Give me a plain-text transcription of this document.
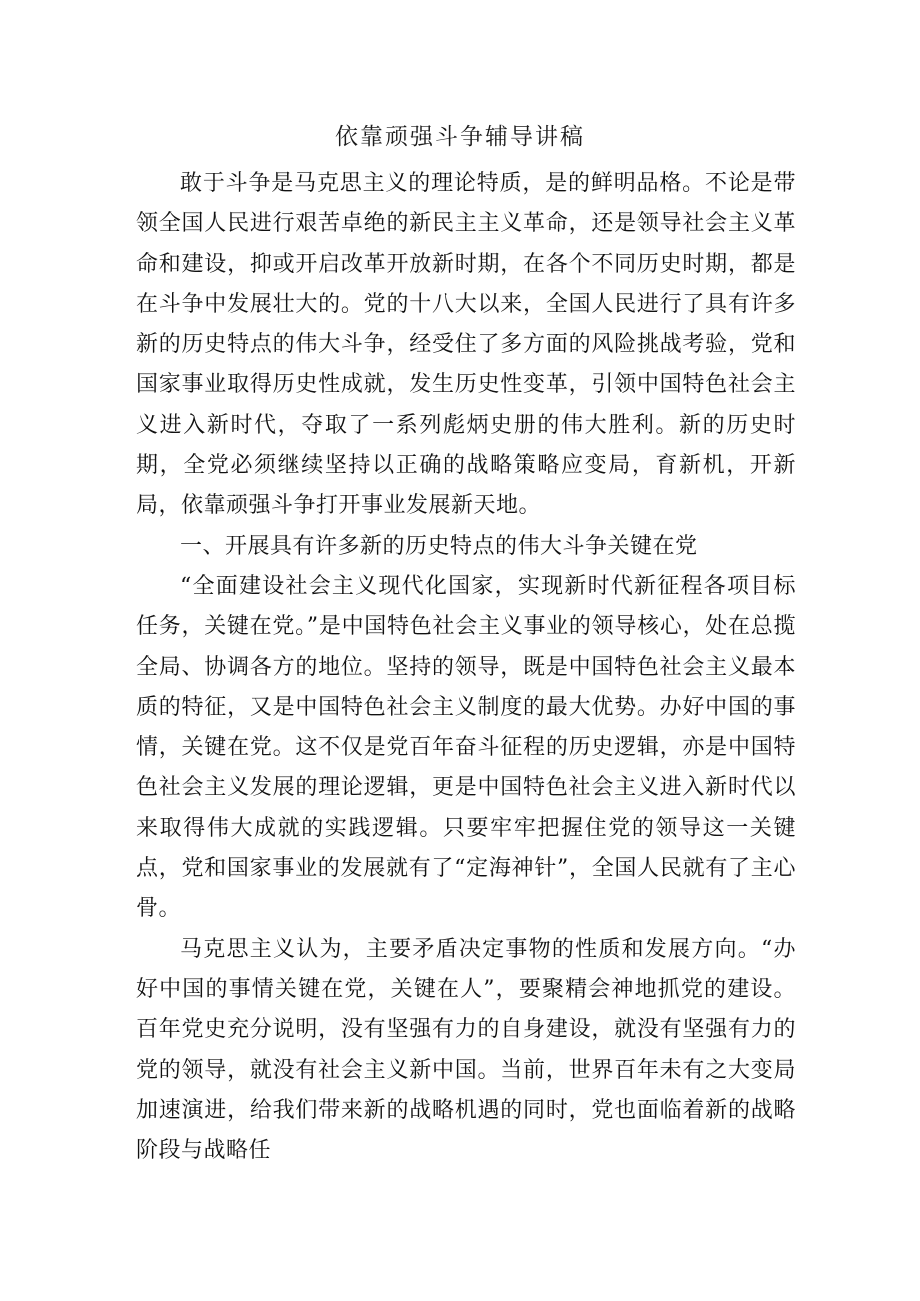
依靠顽强斗争辅导讲稿

敢于斗争是马克思主义的理论特质，是的鲜明品格。不论是带领全国人民进行艰苦卓绝的新民主主义革命，还是领导社会主义革命和建设，抑或开启改革开放新时期，在各个不同历史时期，都是在斗争中发展壮大的。党的十八大以来，全国人民进行了具有许多新的历史特点的伟大斗争，经受住了多方面的风险挑战考验，党和国家事业取得历史性成就，发生历史性变革，引领中国特色社会主义进入新时代，夺取了一系列彪炳史册的伟大胜利。新的历史时期，全党必须继续坚持以正确的战略策略应变局，育新机，开新局，依靠顽强斗争打开事业发展新天地。

一、开展具有许多新的历史特点的伟大斗争关键在党

“全面建设社会主义现代化国家，实现新时代新征程各项目标任务，关键在党。”是中国特色社会主义事业的领导核心，处在总揽全局、协调各方的地位。坚持的领导，既是中国特色社会主义最本质的特征，又是中国特色社会主义制度的最大优势。办好中国的事情，关键在党。这不仅是党百年奋斗征程的历史逻辑，亦是中国特色社会主义发展的理论逻辑，更是中国特色社会主义进入新时代以来取得伟大成就的实践逻辑。只要牢牢把握住党的领导这一关键点，党和国家事业的发展就有了“定海神针”，全国人民就有了主心骨。

马克思主义认为，主要矛盾决定事物的性质和发展方向。“办好中国的事情关键在党，关键在人”，要聚精会神地抓党的建设。百年党史充分说明，没有坚强有力的自身建设，就没有坚强有力的党的领导，就没有社会主义新中国。当前，世界百年未有之大变局加速演进，给我们带来新的战略机遇的同时，党也面临着新的战略阶段与战略任
